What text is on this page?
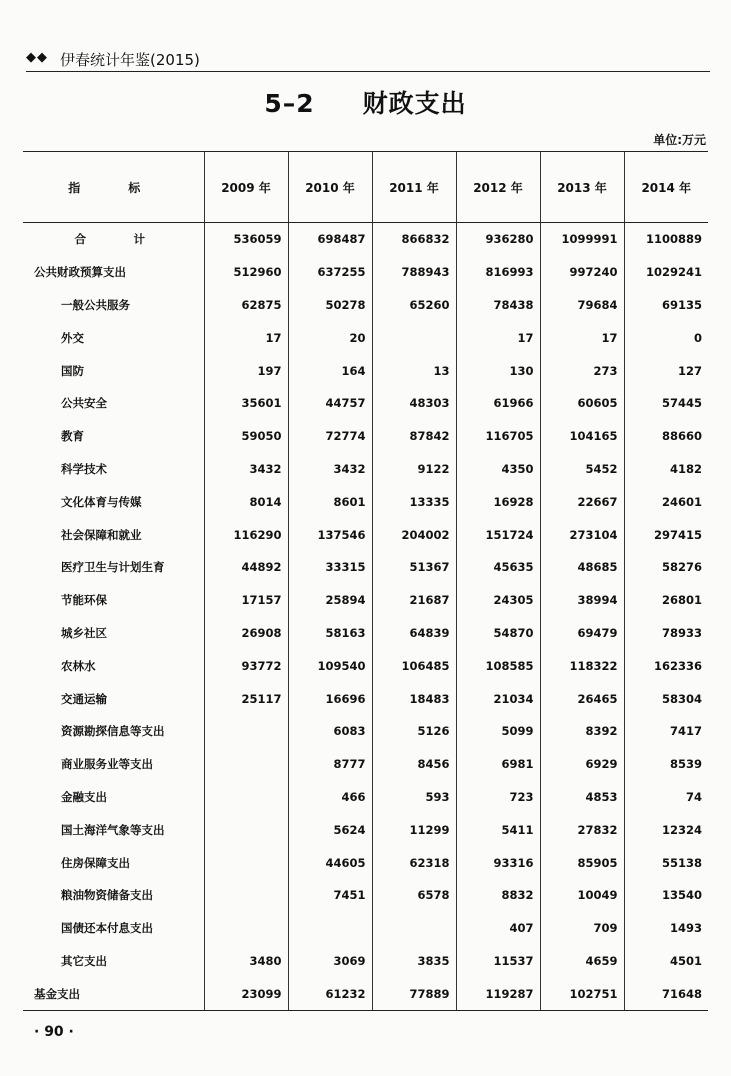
◆◆ 伊春统计年鉴(2015)
5–2 财政支出
单位:万元
指　标	2009 年	2010 年	2011 年	2012 年	2013 年	2014 年
合　计	536059	698487	866832	936280	1099991	1100889
公共财政预算支出	512960	637255	788943	816993	997240	1029241
一般公共服务	62875	50278	65260	78438	79684	69135
外交	17	20		17	17	0
国防	197	164	13	130	273	127
公共安全	35601	44757	48303	61966	60605	57445
教育	59050	72774	87842	116705	104165	88660
科学技术	3432	3432	9122	4350	5452	4182
文化体育与传媒	8014	8601	13335	16928	22667	24601
社会保障和就业	116290	137546	204002	151724	273104	297415
医疗卫生与计划生育	44892	33315	51367	45635	48685	58276
节能环保	17157	25894	21687	24305	38994	26801
城乡社区	26908	58163	64839	54870	69479	78933
农林水	93772	109540	106485	108585	118322	162336
交通运输	25117	16696	18483	21034	26465	58304
资源勘探信息等支出		6083	5126	5099	8392	7417
商业服务业等支出		8777	8456	6981	6929	8539
金融支出		466	593	723	4853	74
国土海洋气象等支出		5624	11299	5411	27832	12324
住房保障支出		44605	62318	93316	85905	55138
粮油物资储备支出		7451	6578	8832	10049	13540
国债还本付息支出				407	709	1493
其它支出	3480	3069	3835	11537	4659	4501
基金支出	23099	61232	77889	119287	102751	71648
· 90 ·
